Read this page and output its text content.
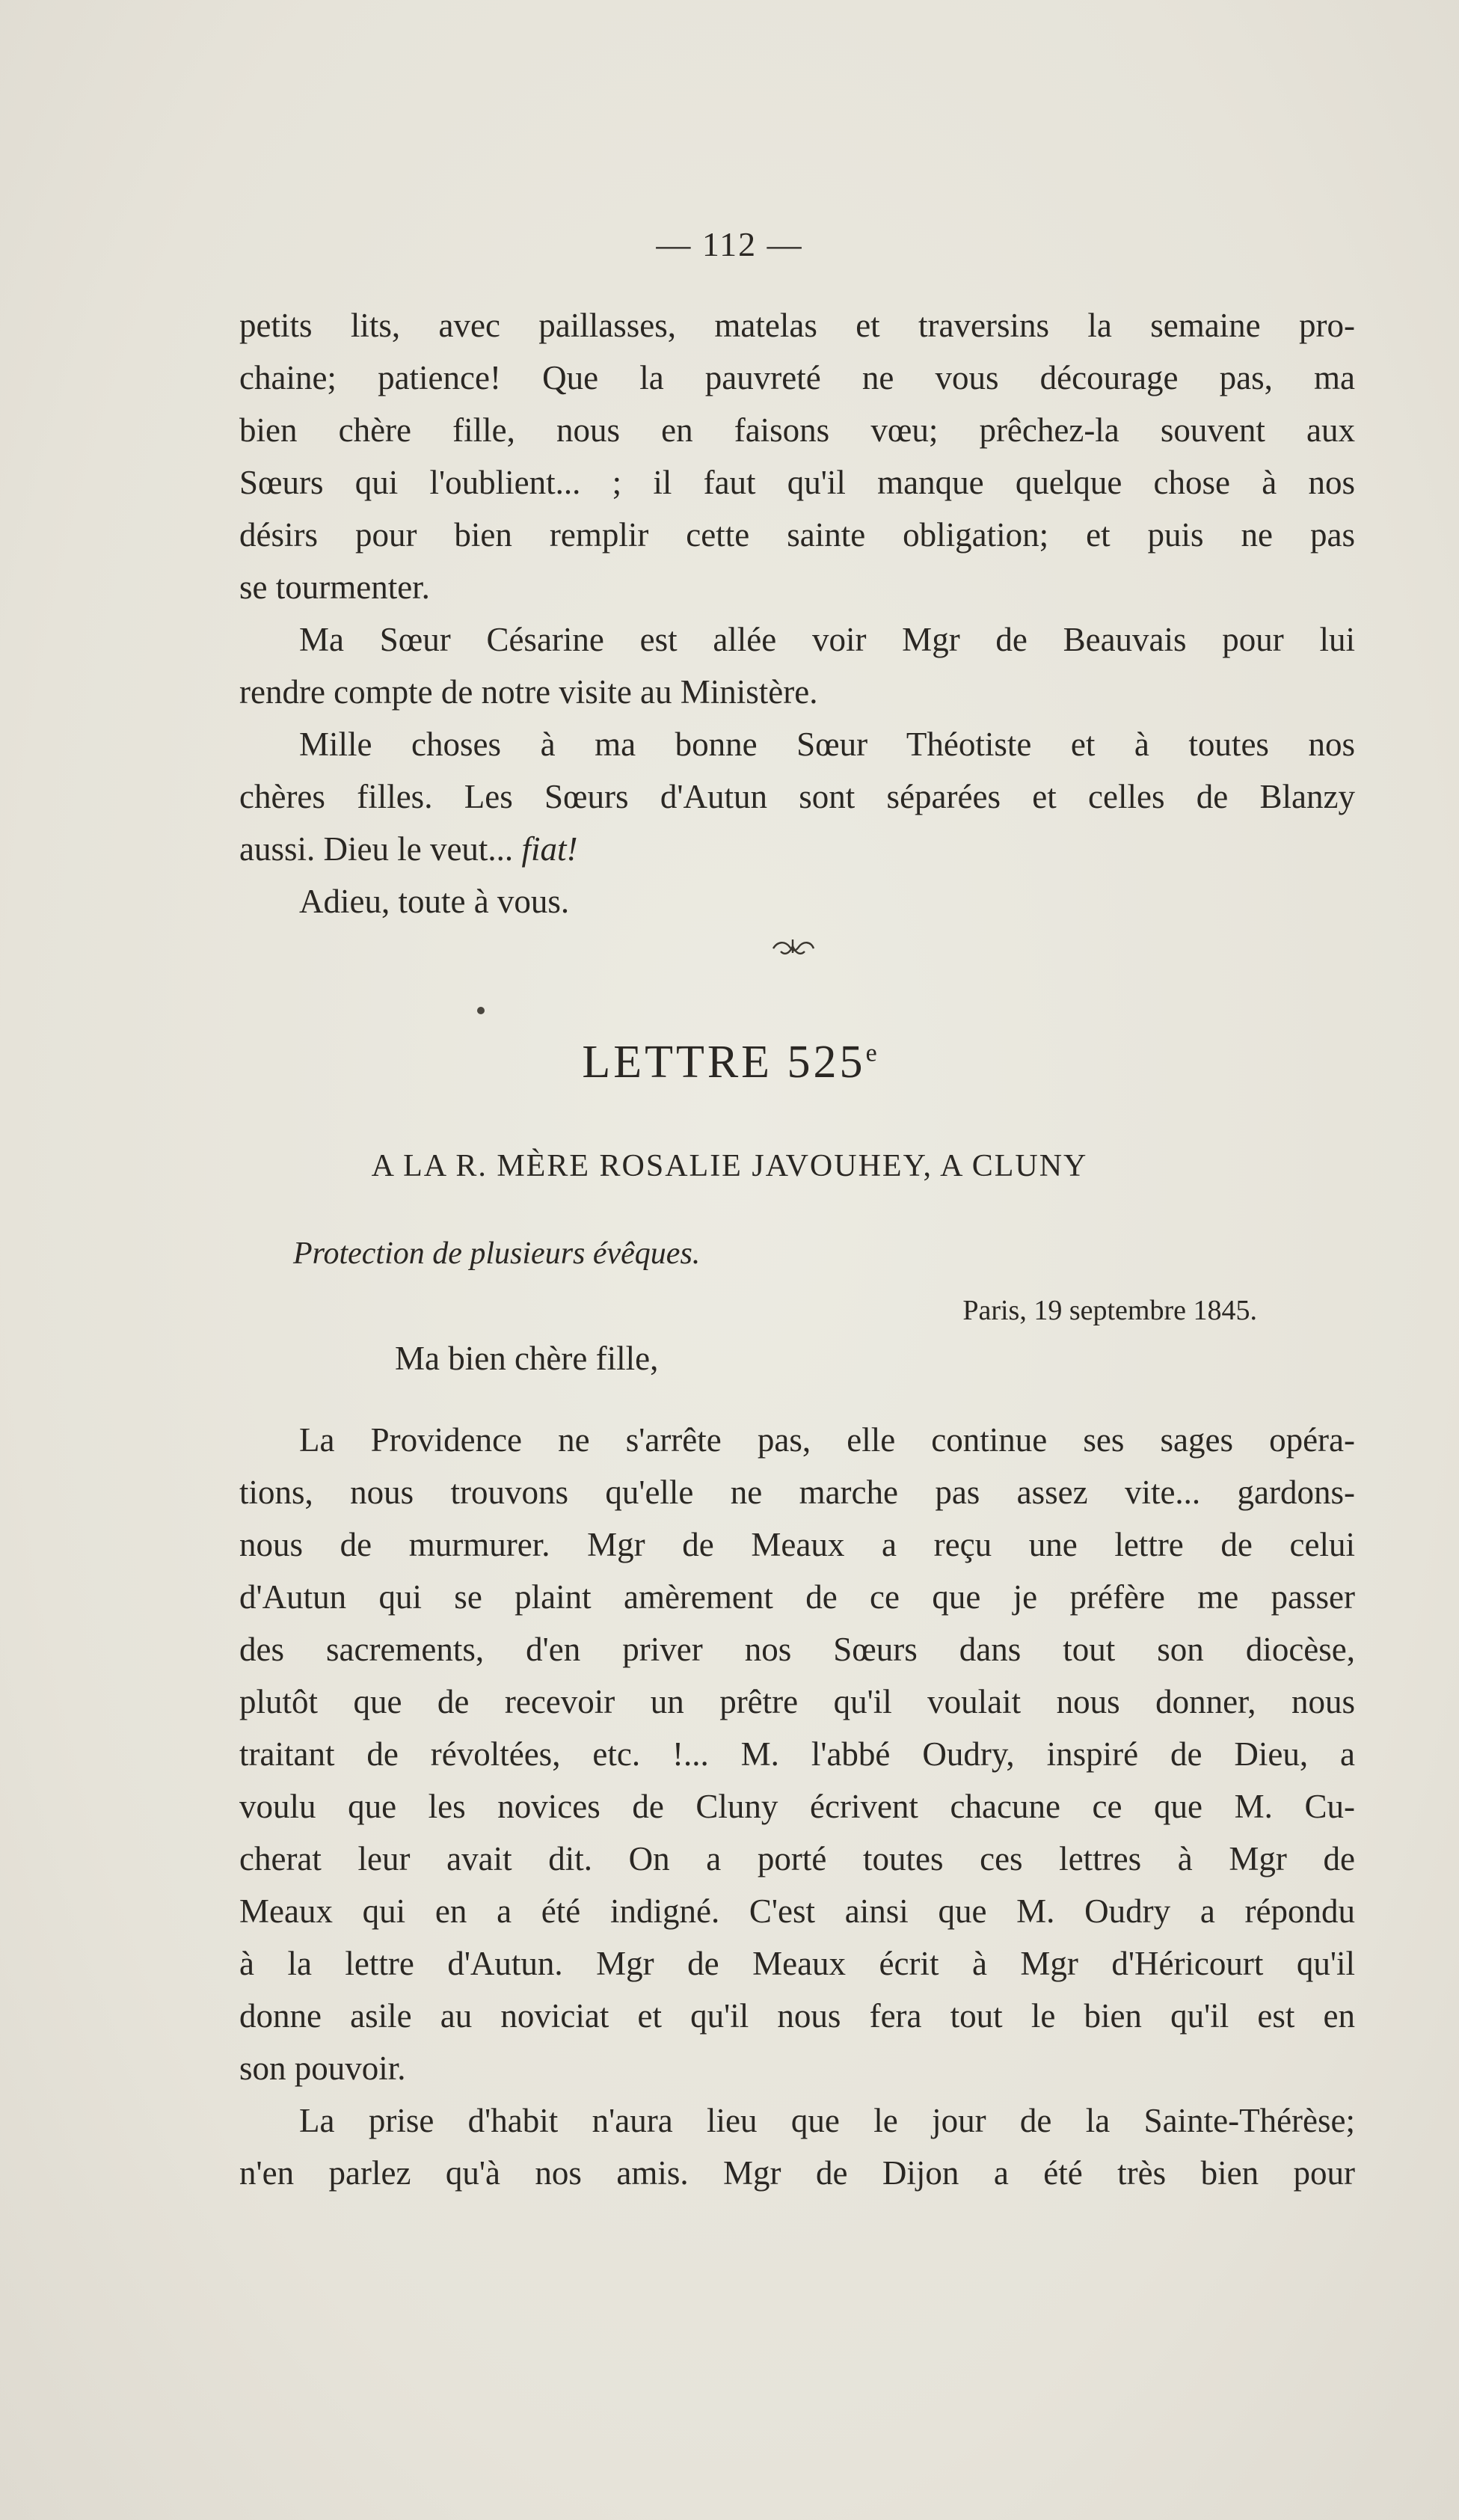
— 112 —
petits lits, avec paillasses, matelas et traversins la semaine pro-
chaine; patience! Que la pauvreté ne vous décourage pas, ma
bien chère fille, nous en faisons vœu; prêchez-la souvent aux
Sœurs qui l'oublient... ; il faut qu'il manque quelque chose à nos
désirs pour bien remplir cette sainte obligation; et puis ne pas
se tourmenter.
Ma Sœur Césarine est allée voir Mgr de Beauvais pour lui
rendre compte de notre visite au Ministère.
Mille choses à ma bonne Sœur Théotiste et à toutes nos
chères filles. Les Sœurs d'Autun sont séparées et celles de Blanzy
aussi. Dieu le veut... fiat!
Adieu, toute à vous.
LETTRE 525e
A LA R. MÈRE ROSALIE JAVOUHEY, A CLUNY
Protection de plusieurs évêques.
Paris, 19 septembre 1845.
Ma bien chère fille,
La Providence ne s'arrête pas, elle continue ses sages opéra-
tions, nous trouvons qu'elle ne marche pas assez vite... gardons-
nous de murmurer. Mgr de Meaux a reçu une lettre de celui
d'Autun qui se plaint amèrement de ce que je préfère me passer
des sacrements, d'en priver nos Sœurs dans tout son diocèse,
plutôt que de recevoir un prêtre qu'il voulait nous donner, nous
traitant de révoltées, etc. !... M. l'abbé Oudry, inspiré de Dieu, a
voulu que les novices de Cluny écrivent chacune ce que M. Cu-
cherat leur avait dit. On a porté toutes ces lettres à Mgr de
Meaux qui en a été indigné. C'est ainsi que M. Oudry a répondu
à la lettre d'Autun. Mgr de Meaux écrit à Mgr d'Héricourt qu'il
donne asile au noviciat et qu'il nous fera tout le bien qu'il est en
son pouvoir.
La prise d'habit n'aura lieu que le jour de la Sainte-Thérèse;
n'en parlez qu'à nos amis. Mgr de Dijon a été très bien pour
